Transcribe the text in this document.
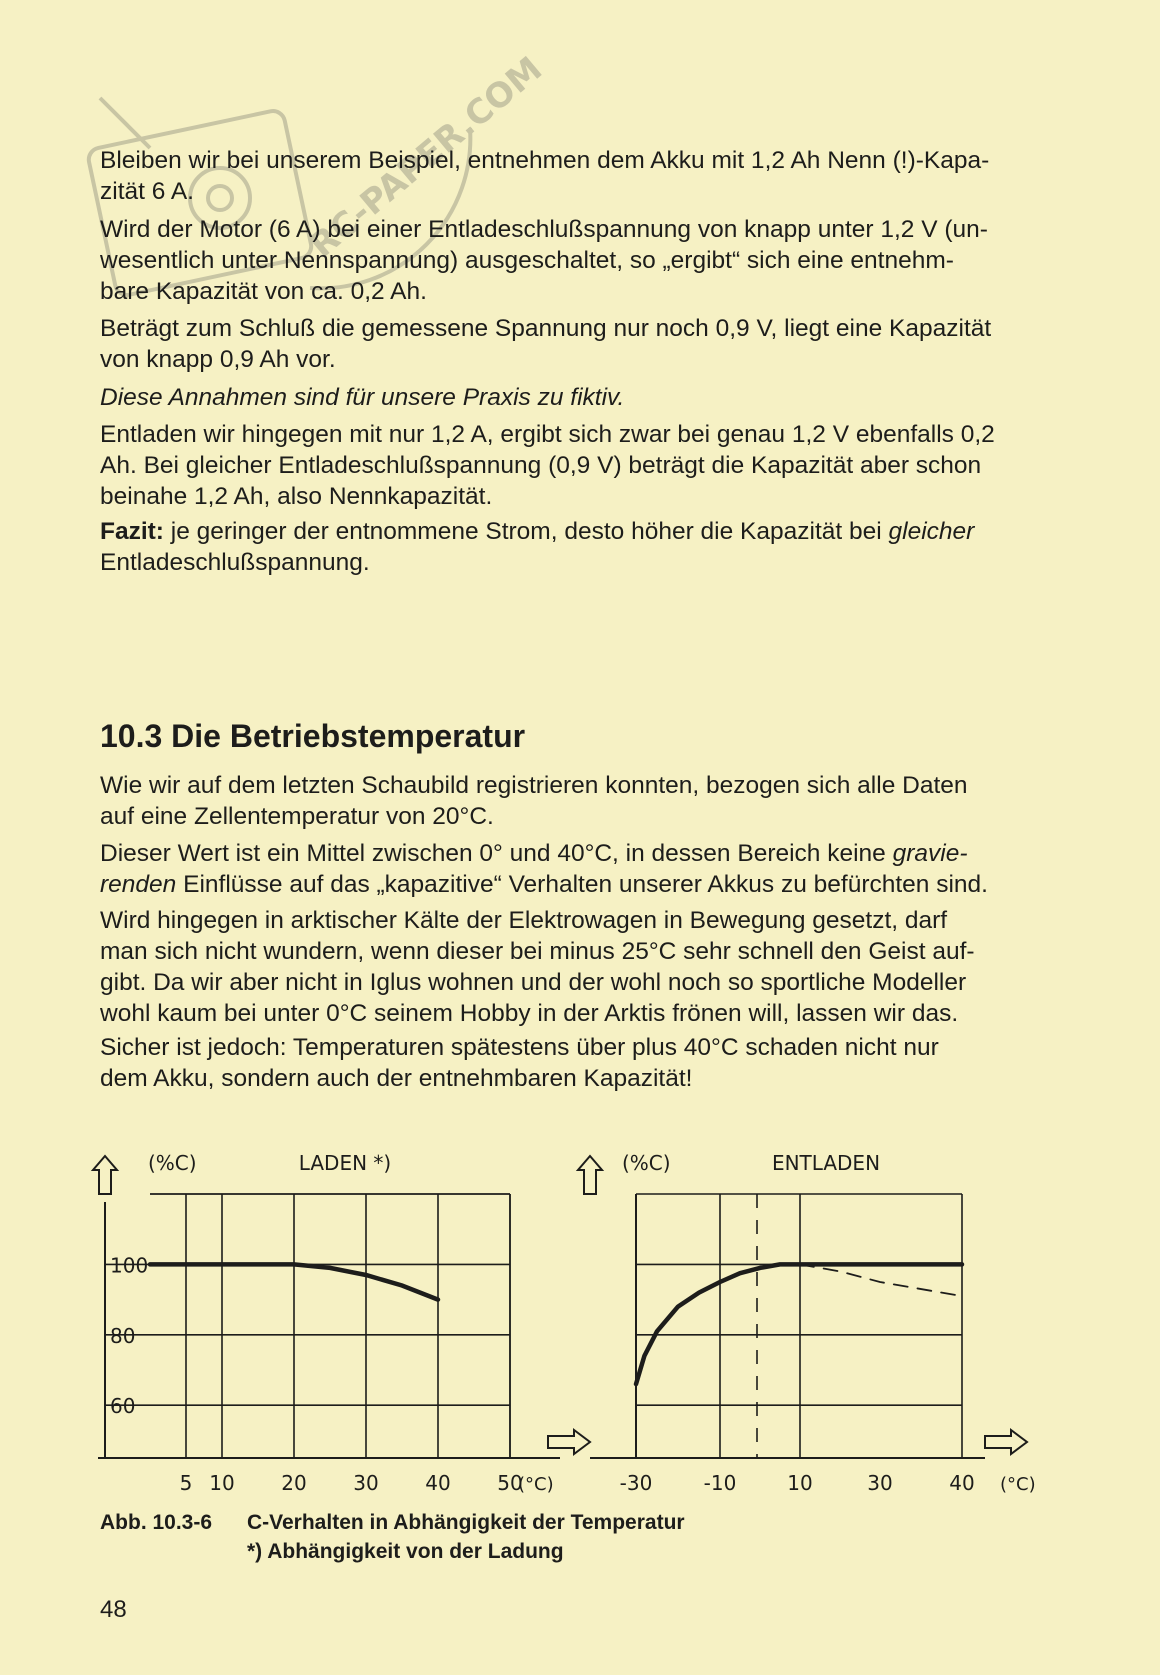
RC-PAPER.COM

Bleiben wir bei unserem Beispiel, entnehmen dem Akku mit 1,2 Ah Nenn (!)-Kapa-
zität 6 A.

Wird der Motor (6 A) bei einer Entladeschlußspannung von knapp unter 1,2 V (un-
wesentlich unter Nennspannung) ausgeschaltet, so „ergibt“ sich eine entnehm-
bare Kapazität von ca. 0,2 Ah.

Beträgt zum Schluß die gemessene Spannung nur noch 0,9 V, liegt eine Kapazität
von knapp 0,9 Ah vor.

Diese Annahmen sind für unsere Praxis zu fiktiv.

Entladen wir hingegen mit nur 1,2 A, ergibt sich zwar bei genau 1,2 V ebenfalls 0,2
Ah. Bei gleicher Entladeschlußspannung (0,9 V) beträgt die Kapazität aber schon
beinahe 1,2 Ah, also Nennkapazität.

Fazit: je geringer der entnommene Strom, desto höher die Kapazität bei gleicher
Entladeschlußspannung.

10.3 Die Betriebstemperatur

Wie wir auf dem letzten Schaubild registrieren konnten, bezogen sich alle Daten
auf eine Zellentemperatur von 20°C.

Dieser Wert ist ein Mittel zwischen 0° und 40°C, in dessen Bereich keine gravie-
renden Einflüsse auf das „kapazitive“ Verhalten unserer Akkus zu befürchten sind.

Wird hingegen in arktischer Kälte der Elektrowagen in Bewegung gesetzt, darf
man sich nicht wundern, wenn dieser bei minus 25°C sehr schnell den Geist auf-
gibt. Da wir aber nicht in Iglus wohnen und der wohl noch so sportliche Modeller
wohl kaum bei unter 0°C seinem Hobby in der Arktis frönen will, lassen wir das.

Sicher ist jedoch: Temperaturen spätestens über plus 40°C schaden nicht nur
dem Akku, sondern auch der entnehmbaren Kapazität!

100
80
60
5 10 20 30 40 50
(°C)
(%C)	LADEN *)
-30	-10	10	30	40 (°C)
(%C)	ENTLADEN
Abb. 10.3-6 C-Verhalten in Abhängigkeit der Temperatur
*) Abhängigkeit von der Ladung
48
